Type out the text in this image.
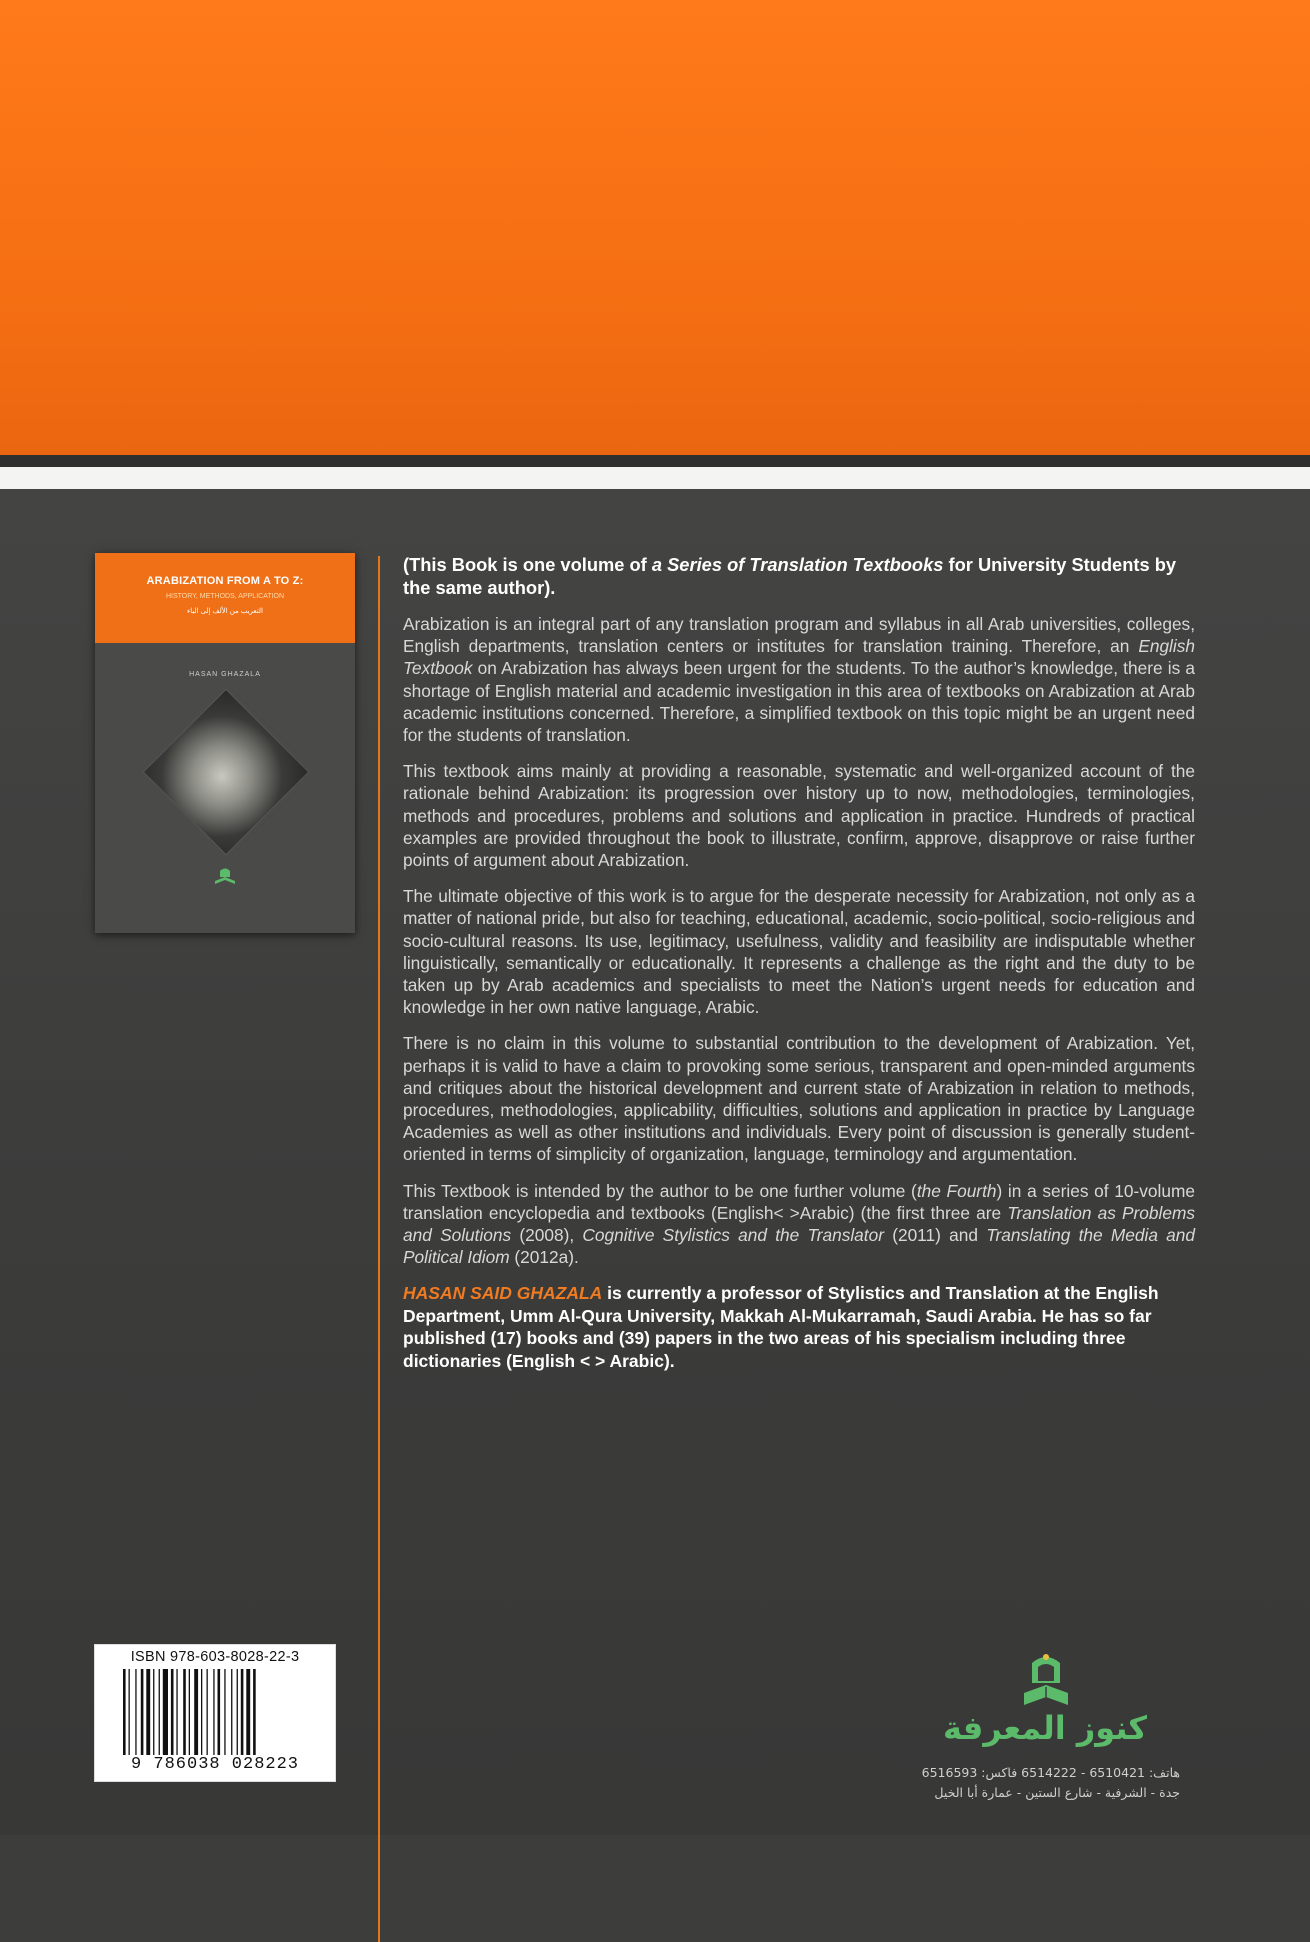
ARABIZATION FROM A TO Z:
HISTORY, METHODS, APPLICATION
التعريب من الألف إلى الياء
HASAN GHAZALA

(This Book is one volume of a Series of Translation Textbooks for University Students by the same author).

Arabization is an integral part of any translation program and syllabus in all Arab universities, colleges, English departments, translation centers or institutes for translation training. Therefore, an English Textbook on Arabization has always been urgent for the students. To the author’s knowledge, there is a shortage of English material and academic investigation in this area of textbooks on Arabization at Arab academic institutions concerned. Therefore, a simplified textbook on this topic might be an urgent need for the students of translation.

This textbook aims mainly at providing a reasonable, systematic and well-organized account of the rationale behind Arabization: its progression over history up to now, methodologies, terminologies, methods and procedures, problems and solutions and application in practice. Hundreds of practical examples are provided throughout the book to illustrate, confirm, approve, disapprove or raise further points of argument about Arabization.

The ultimate objective of this work is to argue for the desperate necessity for Arabization, not only as a matter of national pride, but also for teaching, educational, academic, socio-political, socio-religious and socio-cultural reasons. Its use, legitimacy, usefulness, validity and feasibility are indisputable whether linguistically, semantically or educationally. It represents a challenge as the right and the duty to be taken up by Arab academics and specialists to meet the Nation’s urgent needs for education and knowledge in her own native language, Arabic.

There is no claim in this volume to substantial contribution to the development of Arabization. Yet, perhaps it is valid to have a claim to provoking some serious, transparent and open-minded arguments and critiques about the historical development and current state of Arabization in relation to methods, procedures, methodologies, applicability, difficulties, solutions and application in practice by Language Academies as well as other institutions and individuals. Every point of discussion is generally student-oriented in terms of simplicity of organization, language, terminology and argumentation.

This Textbook is intended by the author to be one further volume (the Fourth) in a series of 10-volume translation encyclopedia and textbooks (English< >Arabic) (the first three are Translation as Problems and Solutions (2008), Cognitive Stylistics and the Translator (2011) and Translating the Media and Political Idiom (2012a).

HASAN SAID GHAZALA is currently a professor of Stylistics and Translation at the English Department, Umm Al-Qura University, Makkah Al-Mukarramah, Saudi Arabia. He has so far published (17) books and (39) papers in the two areas of his specialism including three dictionaries (English < > Arabic).

ISBN 978-603-8028-22-3
9 786038 028223
كنوز المعرفة
هاتف: 6510421 - 6514222 فاكس: 6516593
جدة - الشرفية - شارع الستين - عمارة أبا الخيل
